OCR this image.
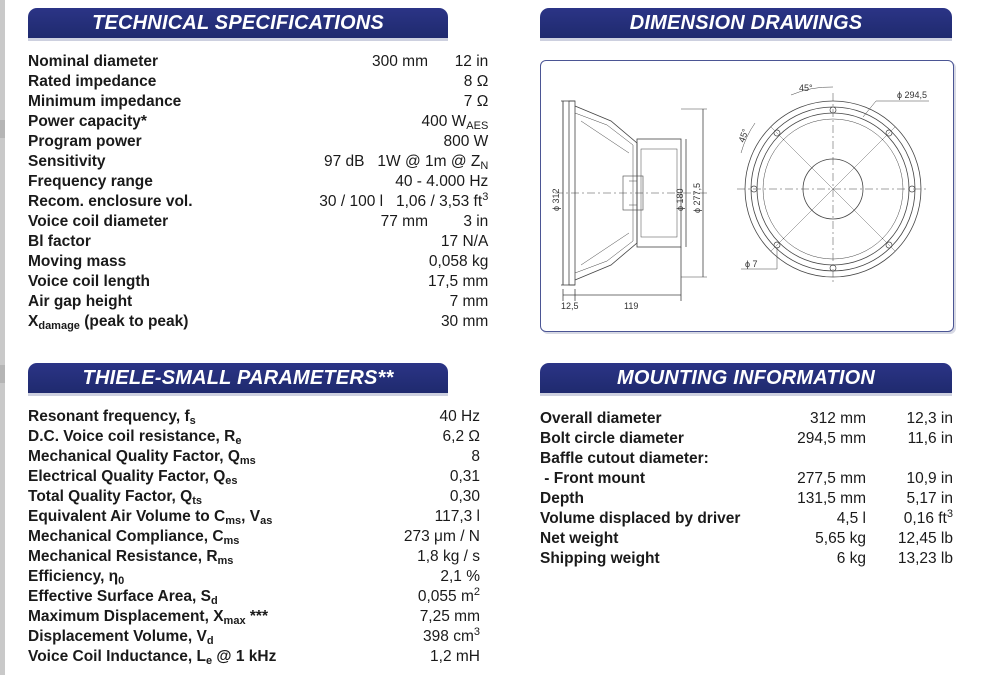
TECHNICAL SPECIFICATIONS	DIMENSION DRAWINGS
THIELE-SMALL PARAMETERS**	MOUNTING INFORMATION
Nominal diameter	300 mm	12 in
Rated impedance		8 Ω
Minimum impedance		7 Ω
Power capacity*	400 $W_{AES}$
Program power		800 W
Sensitivity	97 dB 1W @ 1m @ $Z_N$
Frequency range	40 - 4.000 Hz	
Recom. enclosure vol.	30 / 100 l 1,06 / 3,53 $ft^3$
Voice coil diameter	77 mm	3 in
Bl factor		17 N/A
Moving mass		0,058 kg
Voice coil length		17,5 mm
Air gap height		7 mm
$X_{damage}$ (peak to peak)		30 mm
Resonant frequency, $f_s$	40 Hz
D.C. Voice coil resistance, $R_e$	6,2 Ω
Mechanical Quality Factor, $Q_{ms}$	8
Electrical Quality Factor, $Q_{es}$	0,31
Total Quality Factor, $Q_{ts}$	0,30
Equivalent Air Volume to $C_{ms}$, $V_{as}$	117,3 l
Mechanical Compliance, $C_{ms}$	273 μm / N
Mechanical Resistance, $R_{ms}$	1,8 kg / s
Efficiency, $\eta_0$	2,1 %
Effective Surface Area, $S_d$	0,055 $m^2$
Maximum Displacement, $X_{max}$ ***	7,25 mm
Displacement Volume, $V_d$	398 $cm^3$
Voice Coil Inductance, $L_e$ @ 1 kHz	1,2 mH
Overall diameter	312 mm	12,3 in
Bolt circle diameter	294,5 mm	11,6 in
Baffle cutout diameter:		
- Front mount	277,5 mm	10,9 in
Depth	131,5 mm	5,17 in
Volume displaced by driver	4,5 l	0,16 $ft^3$
Net weight	5,65 kg	12,45 lb
Shipping weight	6 kg	13,23 lb
ϕ 312	ϕ 180 ϕ 277,5
ϕ 294,5
12,5	119
ϕ 7
45°
45°
